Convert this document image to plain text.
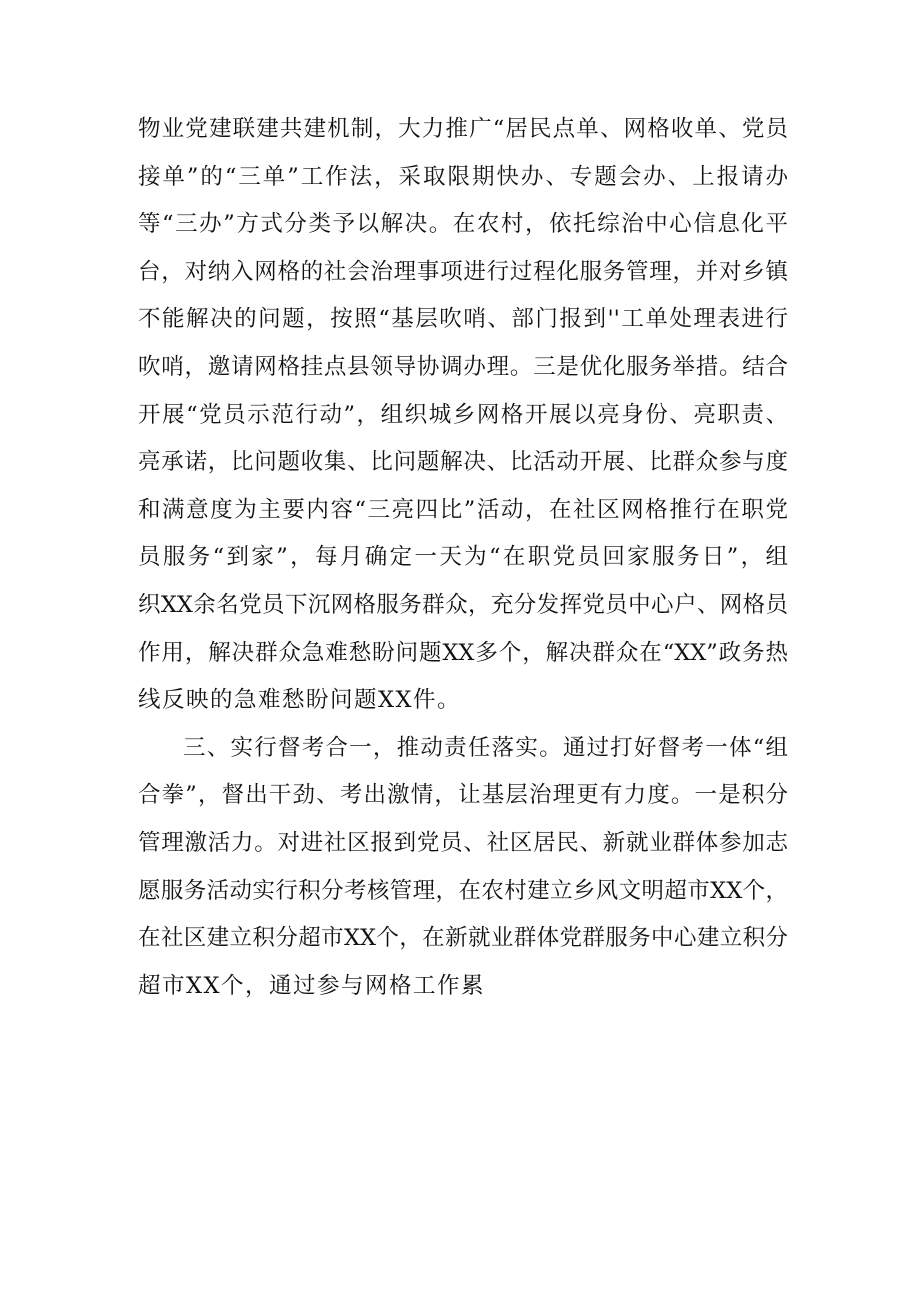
物业党建联建共建机制，大力推广“居民点单、网格收单、党员
接单”的“三单”工作法，采取限期快办、专题会办、上报请办
等“三办”方式分类予以解决。在农村，依托综治中心信息化平
台，对纳入网格的社会治理事项进行过程化服务管理，并对乡镇
不能解决的问题，按照“基层吹哨、部门报到''工单处理表进行
吹哨，邀请网格挂点县领导协调办理。三是优化服务举措。结合
开展“党员示范行动”，组织城乡网格开展以亮身份、亮职责、
亮承诺，比问题收集、比问题解决、比活动开展、比群众参与度
和满意度为主要内容“三亮四比”活动，在社区网格推行在职党
员服务“到家”，每月确定一天为“在职党员回家服务日”，组
织XX余名党员下沉网格服务群众，充分发挥党员中心户、网格员
作用，解决群众急难愁盼问题XX多个，解决群众在“XX”政务热
线反映的急难愁盼问题XX件。
三、实行督考合一，推动责任落实。通过打好督考一体“组
合拳”，督出干劲、考出激情，让基层治理更有力度。一是积分
管理激活力。对进社区报到党员、社区居民、新就业群体参加志
愿服务活动实行积分考核管理，在农村建立乡风文明超市XX个，
在社区建立积分超市XX个，在新就业群体党群服务中心建立积分
超市XX个，通过参与网格工作累
